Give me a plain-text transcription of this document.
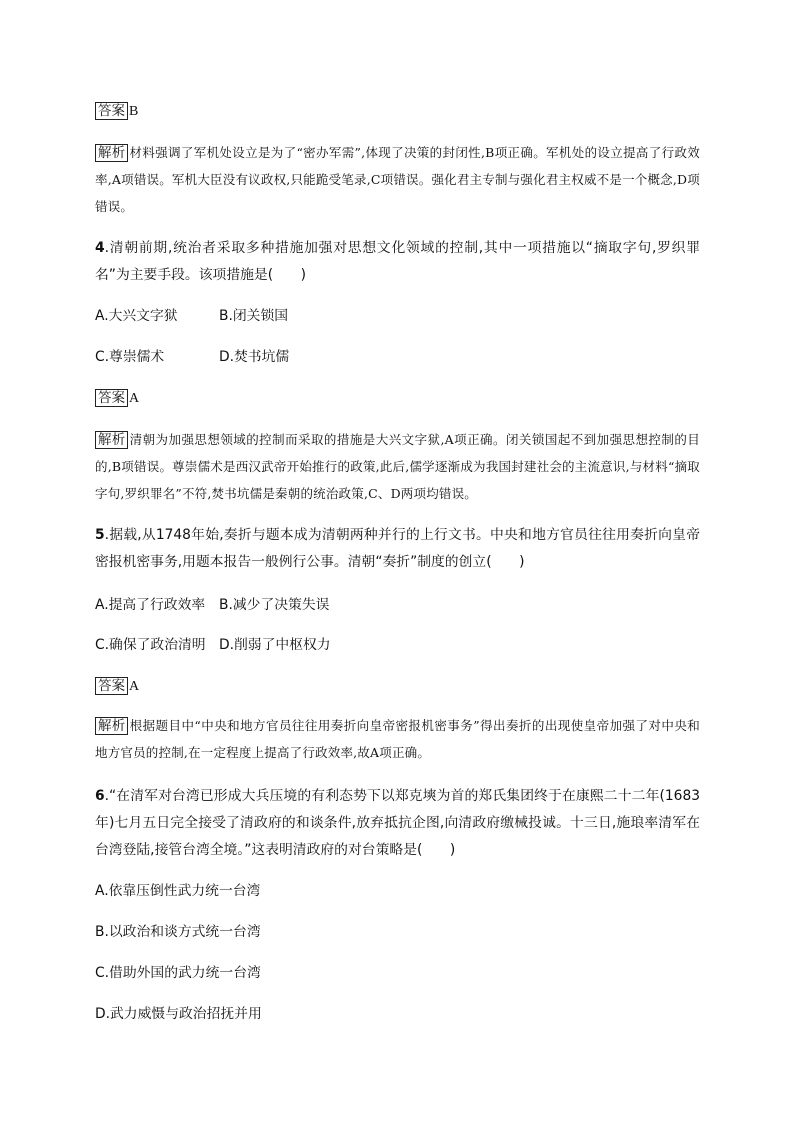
答案 B
解析 材料强调了军机处设立是为了“密办军需”,体现了决策的封闭性,B项正确。军机处的设立提高了行政效率,A项错误。军机大臣没有议政权,只能跪受笔录,C项错误。强化君主专制与强化君主权威不是一个概念,D项错误。
4.清朝前期,统治者采取多种措施加强对思想文化领域的控制,其中一项措施以“摘取字句,罗织罪名”为主要手段。该项措施是(　　)
A.大兴文字狱	B.闭关锁国
C.尊崇儒术	D.焚书坑儒
答案 A
解析 清朝为加强思想领域的控制而采取的措施是大兴文字狱,A项正确。闭关锁国起不到加强思想控制的目的,B项错误。尊崇儒术是西汉武帝开始推行的政策,此后,儒学逐渐成为我国封建社会的主流意识,与材料“摘取字句,罗织罪名”不符,焚书坑儒是秦朝的统治政策,C、D两项均错误。
5.据载,从1748年始,奏折与题本成为清朝两种并行的上行文书。中央和地方官员往往用奏折向皇帝密报机密事务,用题本报告一般例行公事。清朝“奏折”制度的创立(　　)
A.提高了行政效率 B.减少了决策失误
C.确保了政治清明 D.削弱了中枢权力
答案 A
解析 根据题目中“中央和地方官员往往用奏折向皇帝密报机密事务”得出奏折的出现使皇帝加强了对中央和地方官员的控制,在一定程度上提高了行政效率,故A项正确。
6.“在清军对台湾已形成大兵压境的有利态势下以郑克塽为首的郑氏集团终于在康熙二十二年(1683年)七月五日完全接受了清政府的和谈条件,放弃抵抗企图,向清政府缴械投诚。十三日,施琅率清军在台湾登陆,接管台湾全境。”这表明清政府的对台策略是(　　)
A.依靠压倒性武力统一台湾
B.以政治和谈方式统一台湾
C.借助外国的武力统一台湾
D.武力威慑与政治招抚并用
